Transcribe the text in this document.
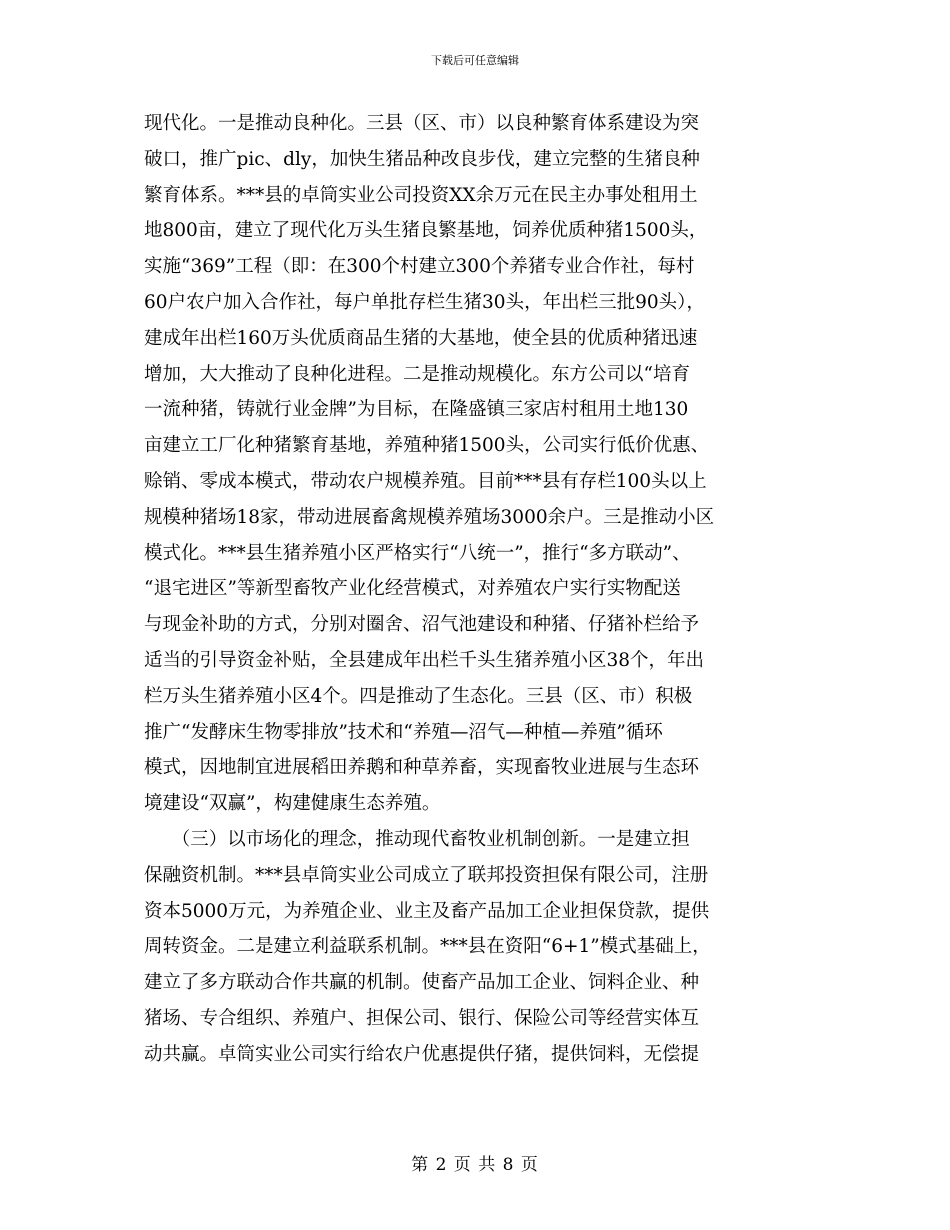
下载后可任意编辑
现代化。一是推动良种化。三县（区、市）以良种繁育体系建设为突
破口，推广pic、dly，加快生猪品种改良步伐，建立完整的生猪良种
繁育体系。***县的卓筒实业公司投资XX余万元在民主办事处租用土
地800亩，建立了现代化万头生猪良繁基地，饲养优质种猪1500头，
实施“369”工程（即：在300个村建立300个养猪专业合作社，每村
60户农户加入合作社，每户单批存栏生猪30头，年出栏三批90头），
建成年出栏160万头优质商品生猪的大基地，使全县的优质种猪迅速
增加，大大推动了良种化进程。二是推动规模化。东方公司以“培育
一流种猪，铸就行业金牌”为目标，在隆盛镇三家店村租用土地130
亩建立工厂化种猪繁育基地，养殖种猪1500头，公司实行低价优惠、
赊销、零成本模式，带动农户规模养殖。目前***县有存栏100头以上
规模种猪场18家，带动进展畜禽规模养殖场3000余户。三是推动小区
模式化。***县生猪养殖小区严格实行“八统一”，推行“多方联动”、
“退宅进区”等新型畜牧产业化经营模式，对养殖农户实行实物配送
与现金补助的方式，分别对圈舍、沼气池建设和种猪、仔猪补栏给予
适当的引导资金补贴，全县建成年出栏千头生猪养殖小区38个，年出
栏万头生猪养殖小区4个。四是推动了生态化。三县（区、市）积极
推广“发酵床生物零排放”技术和“养殖—沼气—种植—养殖”循环
模式，因地制宜进展稻田养鹅和种草养畜，实现畜牧业进展与生态环
境建设“双赢”，构建健康生态养殖。
　　（三）以市场化的理念，推动现代畜牧业机制创新。一是建立担
保融资机制。***县卓筒实业公司成立了联邦投资担保有限公司，注册
资本5000万元，为养殖企业、业主及畜产品加工企业担保贷款，提供
周转资金。二是建立利益联系机制。***县在资阳“6+1”模式基础上，
建立了多方联动合作共赢的机制。使畜产品加工企业、饲料企业、种
猪场、专合组织、养殖户、担保公司、银行、保险公司等经营实体互
动共赢。卓筒实业公司实行给农户优惠提供仔猪，提供饲料，无偿提
第 2 页 共 8 页
